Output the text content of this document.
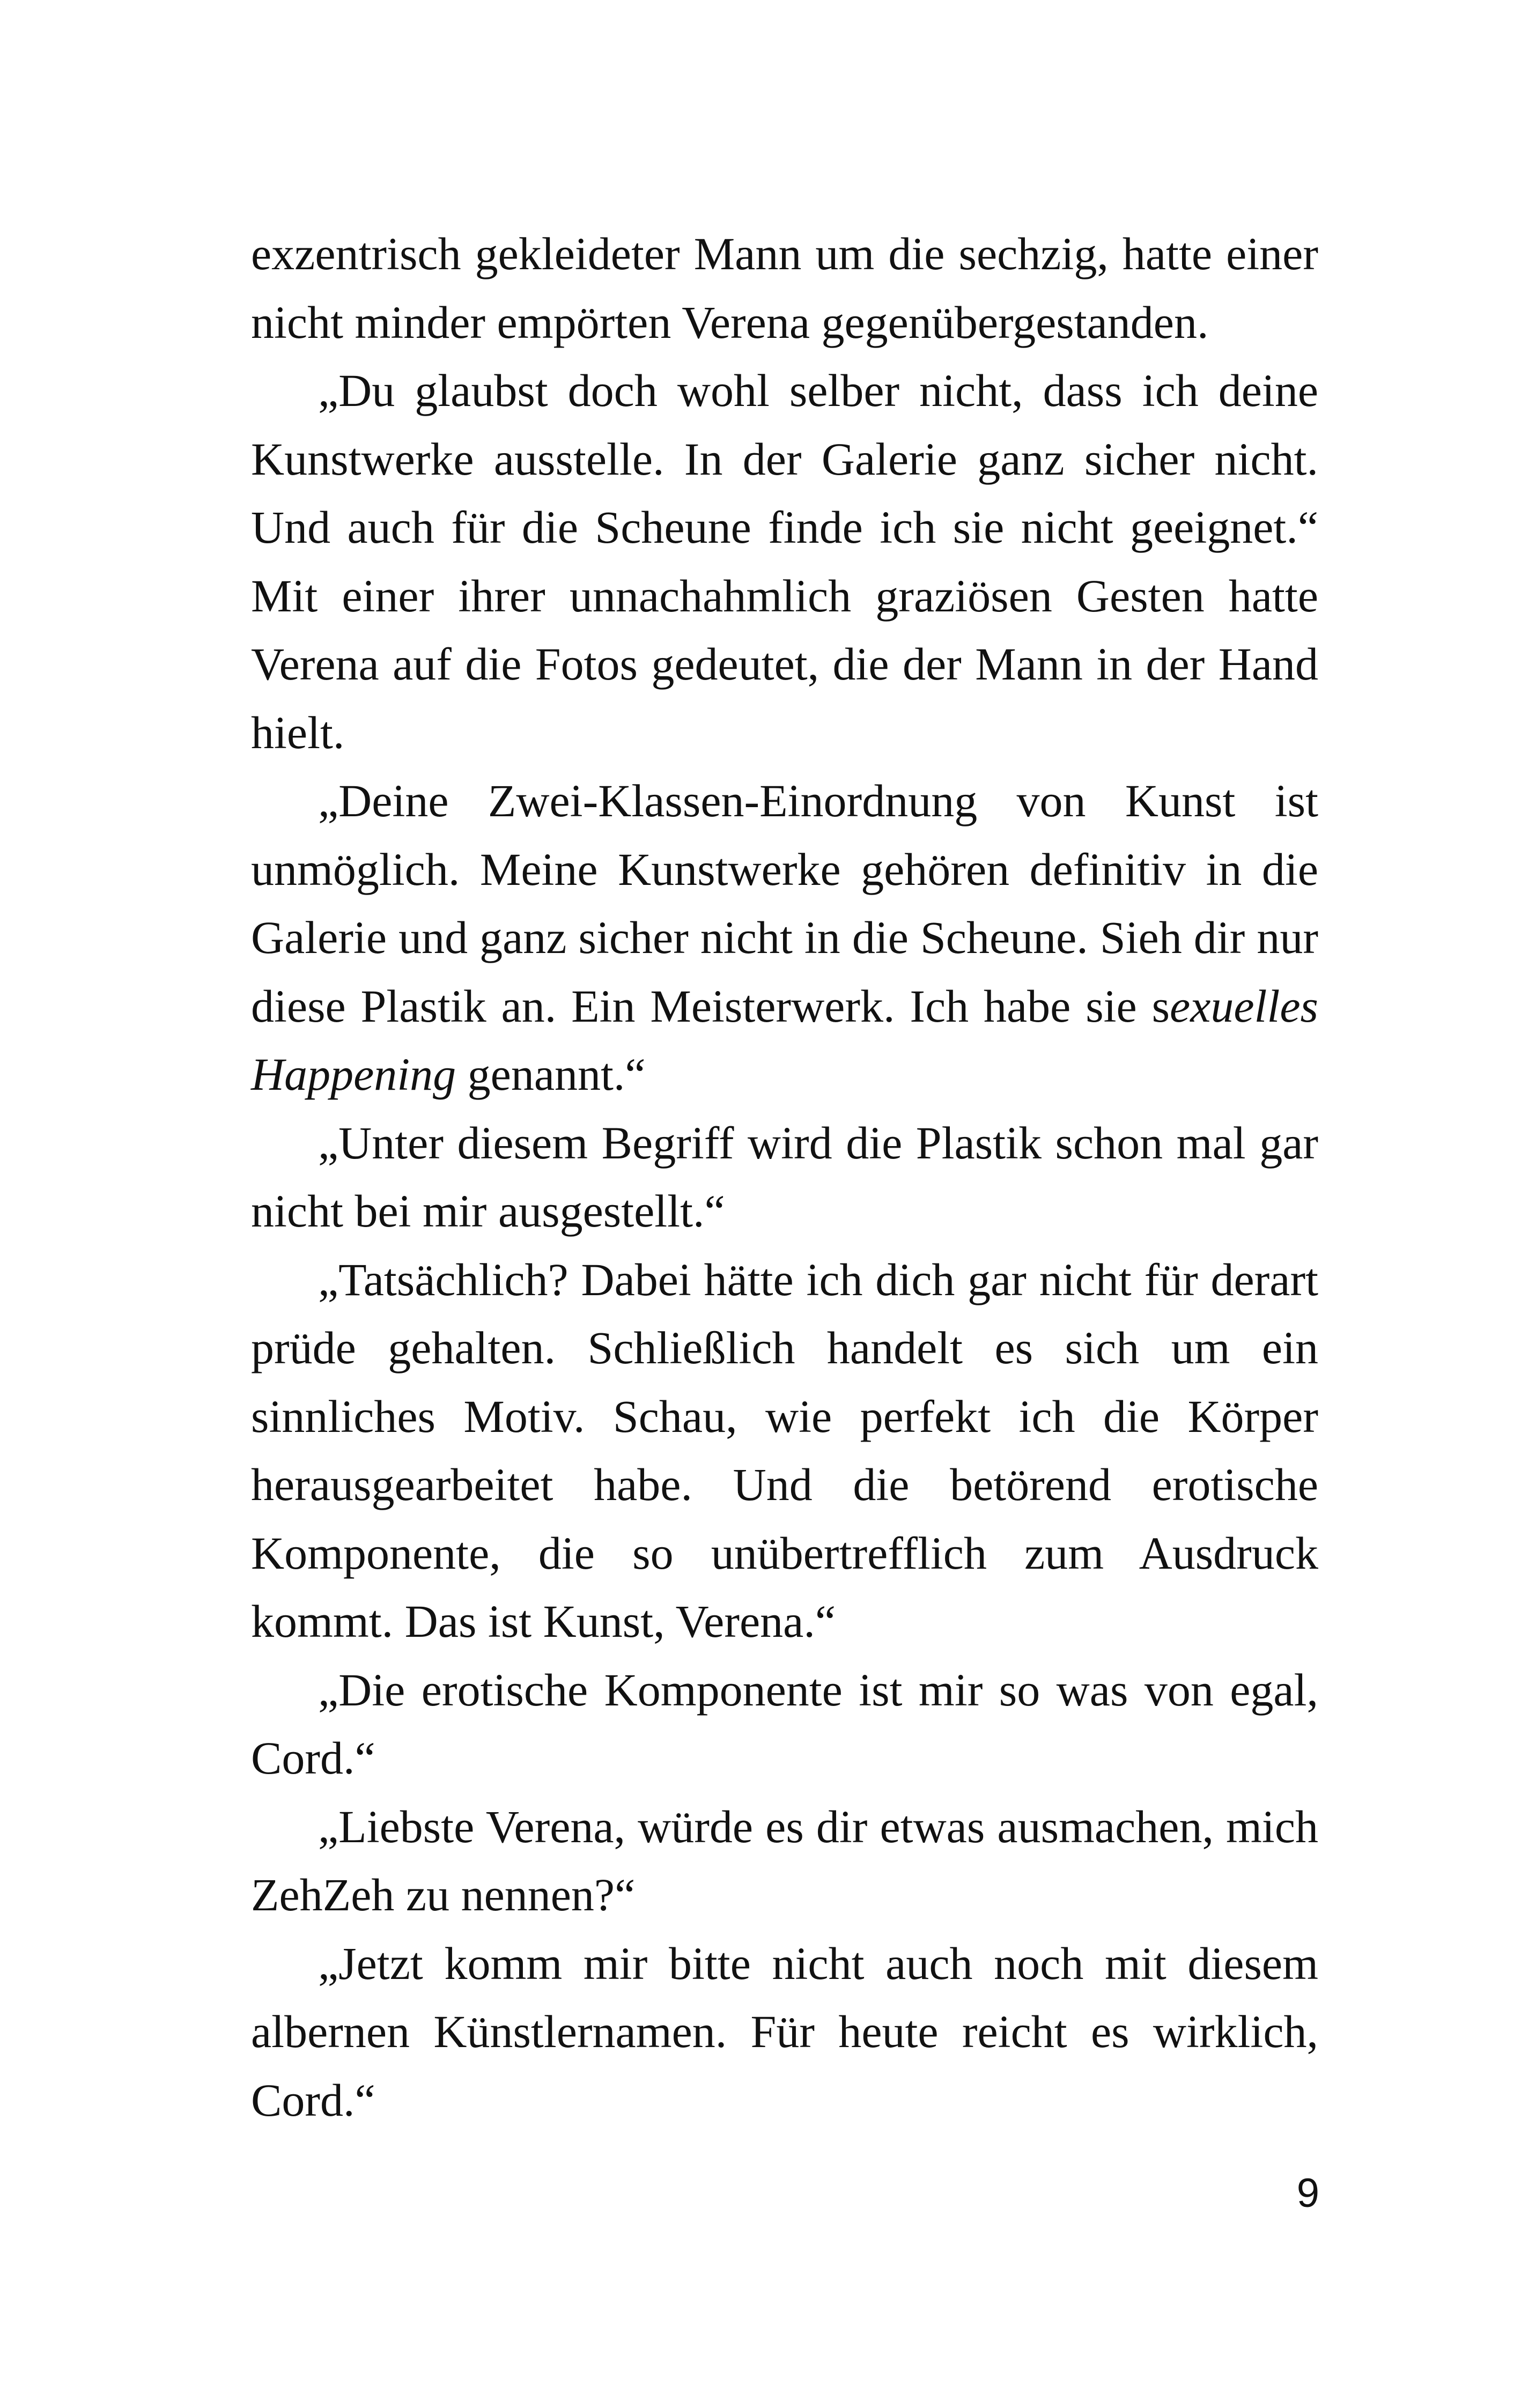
exzentrisch gekleideter Mann um die sechzig, hatte einer nicht minder empörten Verena gegenübergestanden.

„Du glaubst doch wohl selber nicht, dass ich deine Kunstwerke ausstelle. In der Galerie ganz sicher nicht. Und auch für die Scheune finde ich sie nicht geeignet.“ Mit einer ihrer unnachahmlich graziösen Gesten hatte Verena auf die Fotos gedeutet, die der Mann in der Hand hielt.

„Deine Zwei-Klassen-Einordnung von Kunst ist unmöglich. Meine Kunstwerke gehören definitiv in die Galerie und ganz sicher nicht in die Scheune. Sieh dir nur diese Plastik an. Ein Meisterwerk. Ich habe sie sexuelles Happening genannt.“

„Unter diesem Begriff wird die Plastik schon mal gar nicht bei mir ausgestellt.“

„Tatsächlich? Dabei hätte ich dich gar nicht für derart prüde gehalten. Schließlich handelt es sich um ein sinnliches Motiv. Schau, wie perfekt ich die Körper herausgearbeitet habe. Und die betörend erotische Komponente, die so unübertrefflich zum Ausdruck kommt. Das ist Kunst, Verena.“

„Die erotische Komponente ist mir so was von egal, Cord.“

„Liebste Verena, würde es dir etwas ausmachen, mich ZehZeh zu nennen?“

„Jetzt komm mir bitte nicht auch noch mit diesem albernen Künstlernamen. Für heute reicht es wirklich, Cord.“

9
